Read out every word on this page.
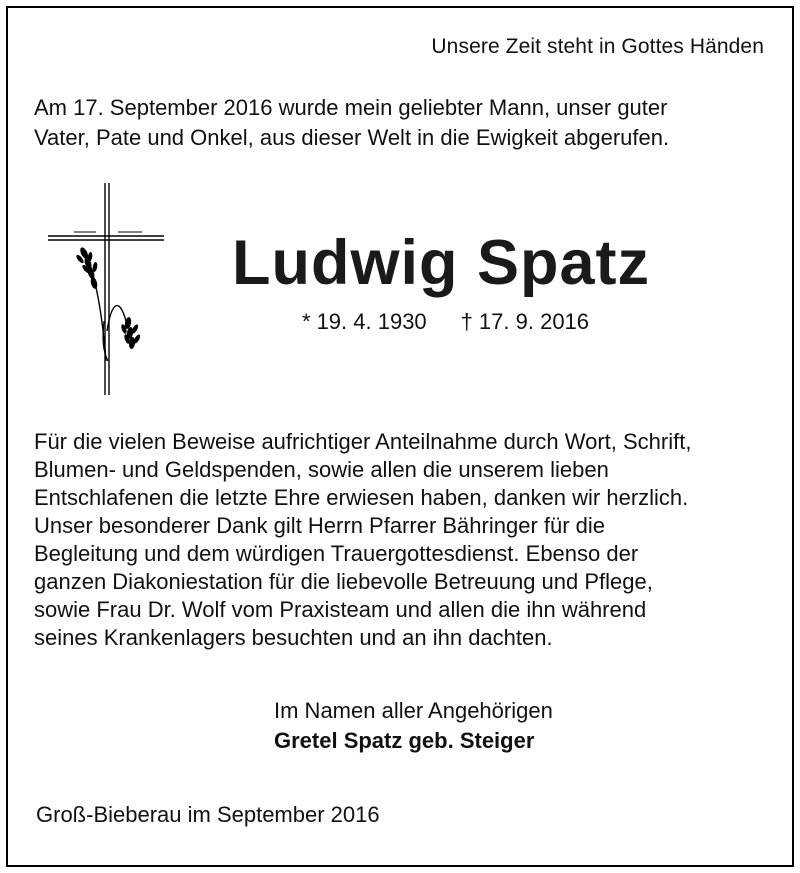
Unsere Zeit steht in Gottes Händen
Am 17. September 2016 wurde mein geliebter Mann, unser guter
Vater, Pate und Onkel, aus dieser Welt in die Ewigkeit abgerufen.
Ludwig Spatz
* 19. 4. 1930 † 17. 9. 2016

Für die vielen Beweise aufrichtiger Anteilnahme durch Wort, Schrift,

Blumen- und Geldspenden, sowie allen die unserem lieben

Entschlafenen die letzte Ehre erwiesen haben, danken wir herzlich.

Unser besonderer Dank gilt Herrn Pfarrer Bähringer für die

Begleitung und dem würdigen Trauergottesdienst. Ebenso der

ganzen Diakoniestation für die liebevolle Betreuung und Pflege,

sowie Frau Dr. Wolf vom Praxisteam und allen die ihn während

seines Krankenlagers besuchten und an ihn dachten.

Im Namen aller Angehörigen
Gretel Spatz geb. Steiger
Groß-Bieberau im September 2016
